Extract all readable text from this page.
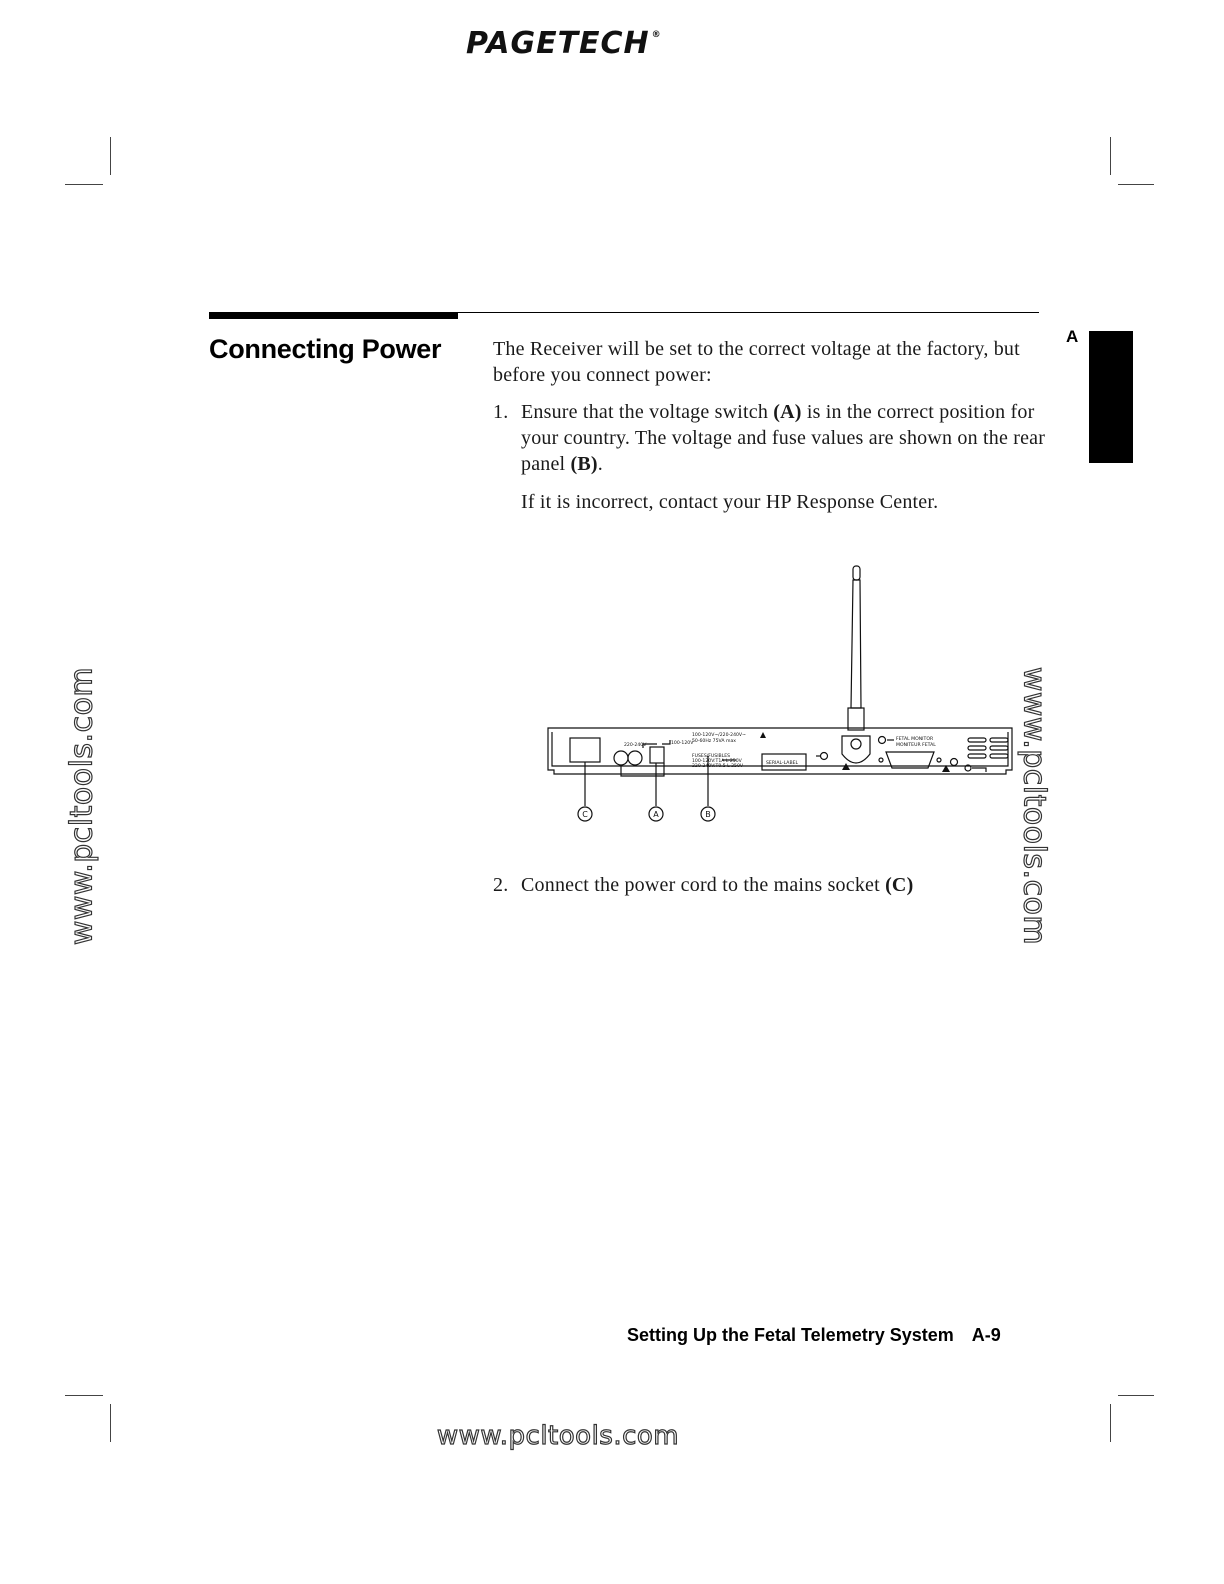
PAGETECH ®
Connecting Power	A
The Receiver will be set to the correct voltage at the factory, but before you connect power:
1. Ensure that the voltage switch (A) is in the correct position for your country. The voltage and fuse values are shown on the rear panel (B).
If it is incorrect, contact your HP Response Center.
220-240V	100-120V
100-120V~/220-240V~
50-60Hz 75VA max
FUSES/FUSIBLES
100-120V:T1A L 250V
220-240V:T0.5 L 250V
SERIAL-LABEL
FETAL MONITOR
MONITEUR FETAL
C	A	B
2. Connect the power cord to the mains socket (C)
www.pcltools.com	www.pcltools.com
www.pcltools.com
Setting Up the Fetal Telemetry System A-9
